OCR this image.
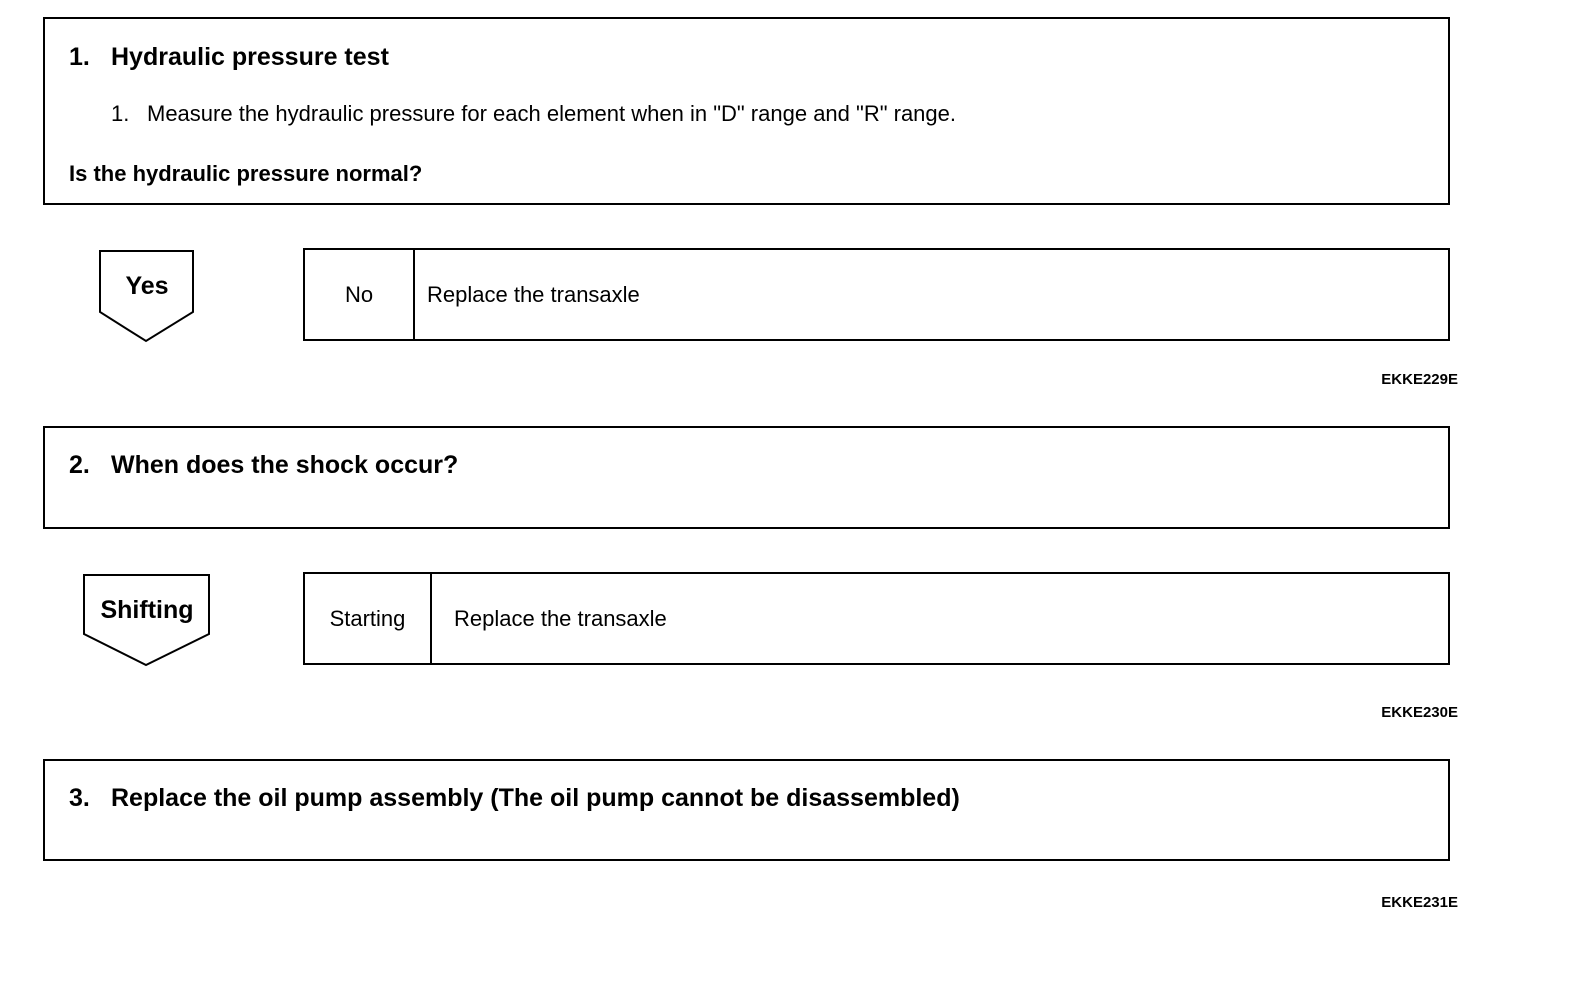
1. Hydraulic pressure test
1. Measure the hydraulic pressure for each element when in "D" range and "R" range.
Is the hydraulic pressure normal?
Yes	No	Replace the transaxle
EKKE229E
2. When does the shock occur?
Shifting	Starting	Replace the transaxle
EKKE230E
3. Replace the oil pump assembly (The oil pump cannot be disassembled)
EKKE231E
